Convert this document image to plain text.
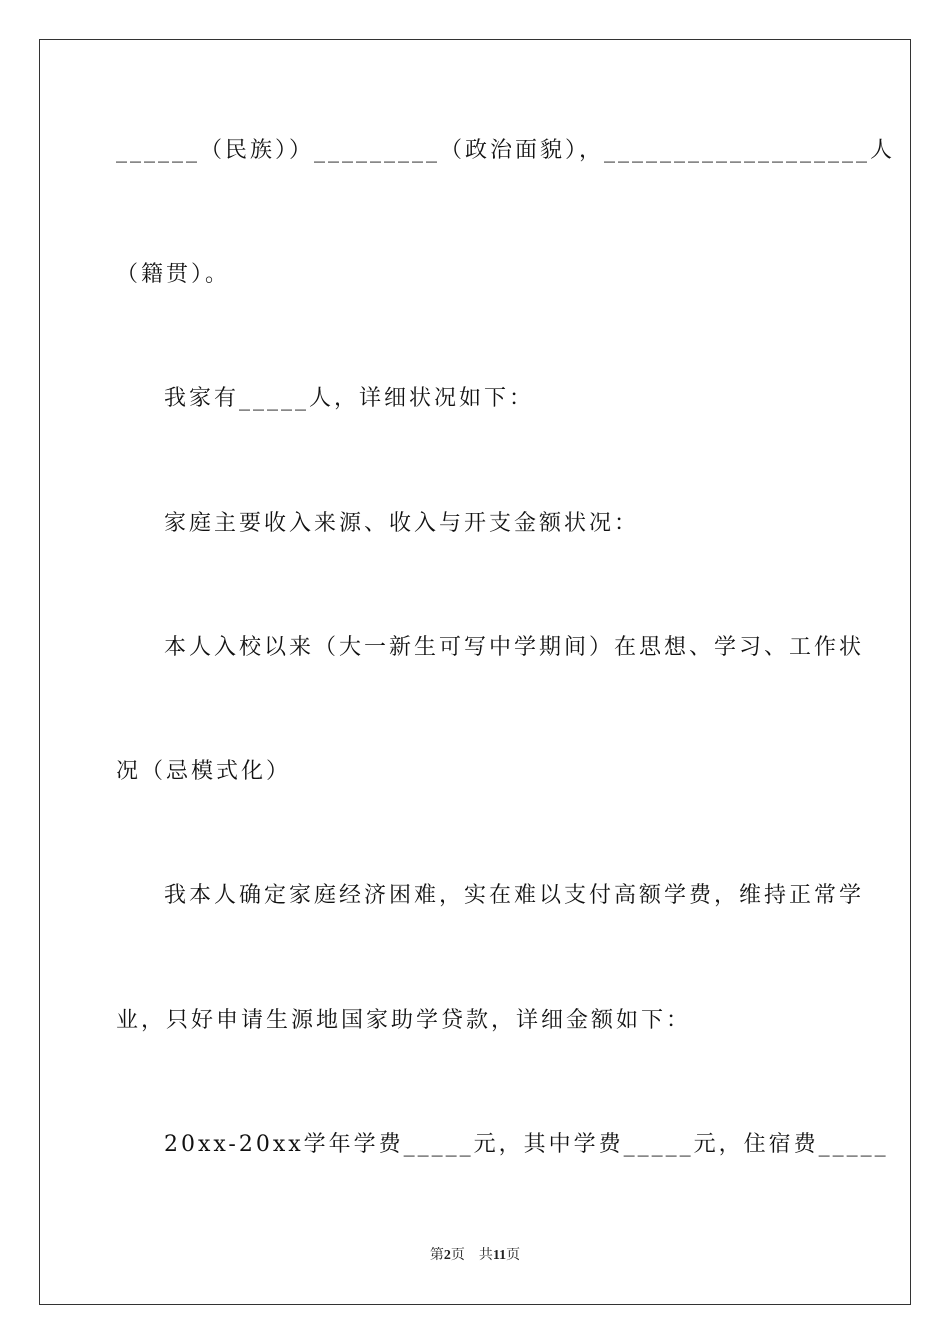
______（民族））_________（政治面貌），___________________人
（籍贯）。
我家有_____人，详细状况如下：
家庭主要收入来源、收入与开支金额状况：
本人入校以来（大一新生可写中学期间）在思想、学习、工作状
况（忌模式化）
我本人确定家庭经济困难，实在难以支付高额学费，维持正常学
业，只好申请生源地国家助学贷款，详细金额如下：
20xx-20xx学年学费_____元，其中学费_____元，住宿费_____
第2页 共11页
